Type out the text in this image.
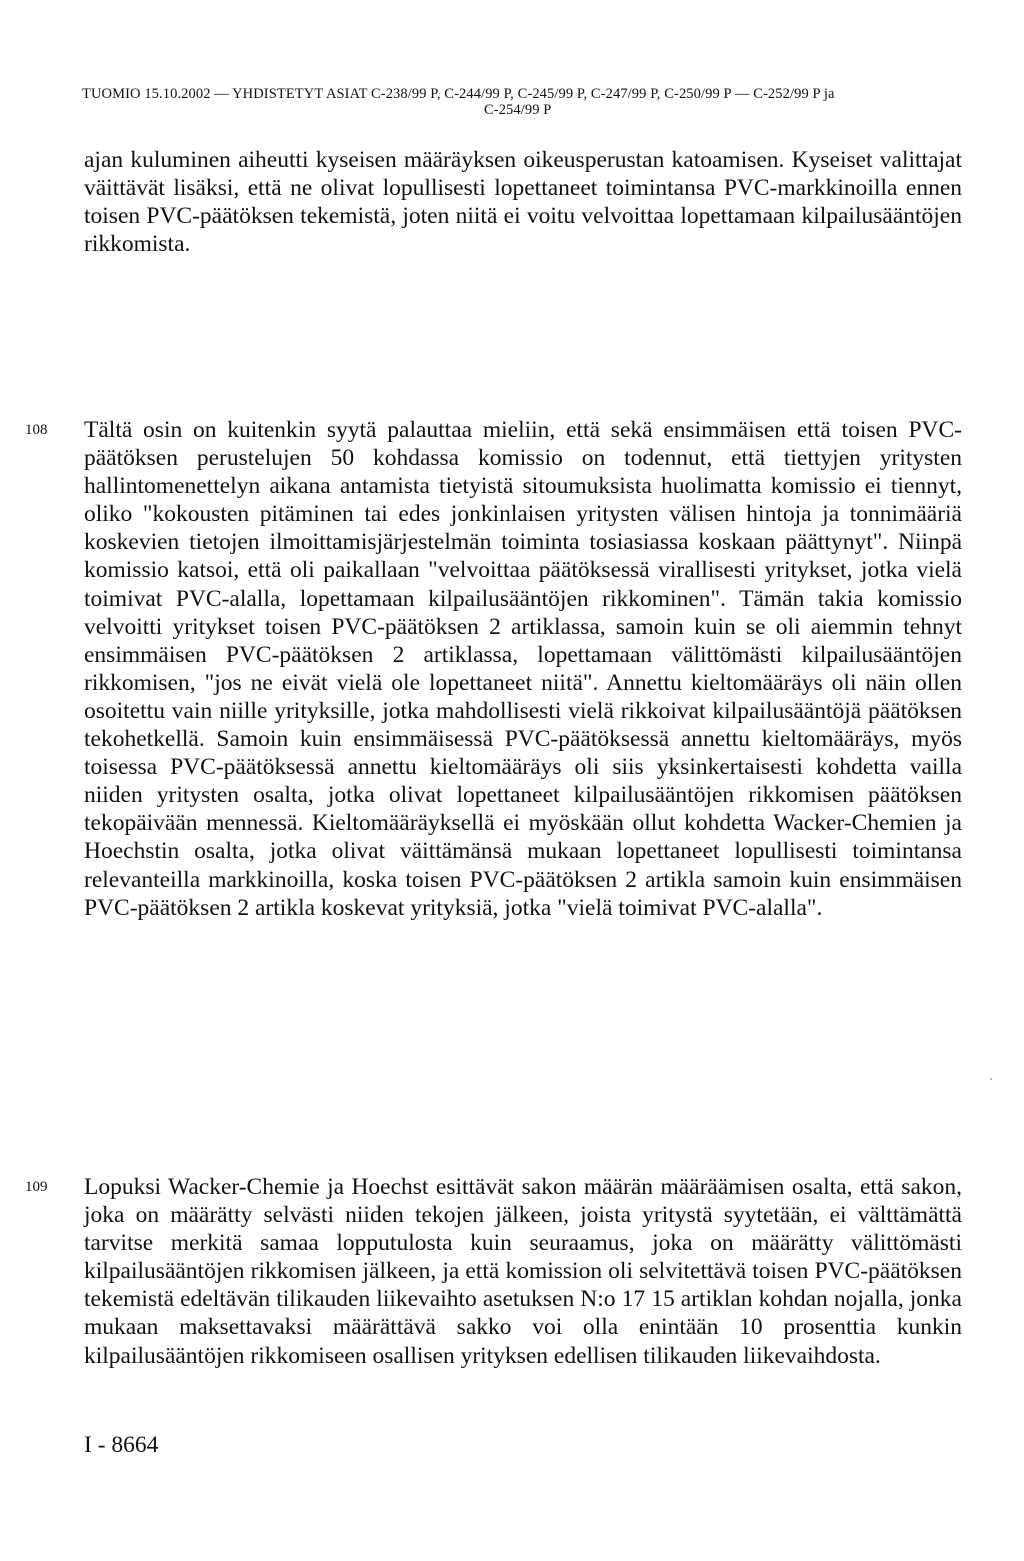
TUOMIO 15.10.2002 — YHDISTETYT ASIAT C-238/99 P, C-244/99 P, C-245/99 P, C-247/99 P, C-250/99 P — C-252/99 P ja
C-254/99 P
ajan kuluminen aiheutti kyseisen määräyksen oikeusperustan katoamisen. Kyseiset valittajat väittävät lisäksi, että ne olivat lopullisesti lopettaneet toimintansa PVC-markkinoilla ennen toisen PVC-päätöksen tekemistä, joten niitä ei voitu velvoittaa lopettamaan kilpailusääntöjen rikkomista.
108 Tältä osin on kuitenkin syytä palauttaa mieliin, että sekä ensimmäisen että toisen PVC-päätöksen perustelujen 50 kohdassa komissio on todennut, että tiettyjen yritysten hallintomenettelyn aikana antamista tietyistä sitoumuksista huolimatta komissio ei tiennyt, oliko "kokousten pitäminen tai edes jonkinlaisen yritysten välisen hintoja ja tonnimääriä koskevien tietojen ilmoittamisjärjestelmän toiminta tosiasiassa koskaan päättynyt". Niinpä komissio katsoi, että oli paikallaan "velvoittaa päätöksessä virallisesti yritykset, jotka vielä toimivat PVC-alalla, lopettamaan kilpailusääntöjen rikkominen". Tämän takia komissio velvoitti yritykset toisen PVC-päätöksen 2 artiklassa, samoin kuin se oli aiemmin tehnyt ensimmäisen PVC-päätöksen 2 artiklassa, lopettamaan välittömästi kilpailusääntöjen rikkomisen, "jos ne eivät vielä ole lopettaneet niitä". Annettu kieltomääräys oli näin ollen osoitettu vain niille yrityksille, jotka mahdollisesti vielä rikkoivat kilpailusääntöjä päätöksen tekohetkellä. Samoin kuin ensimmäisessä PVC-päätöksessä annettu kieltomääräys, myös toisessa PVC-päätöksessä annettu kieltomääräys oli siis yksinkertaisesti kohdetta vailla niiden yritysten osalta, jotka olivat lopettaneet kilpailusääntöjen rikkomisen päätöksen tekopäivään mennessä. Kieltomääräyksellä ei myöskään ollut kohdetta Wacker-Chemien ja Hoechstin osalta, jotka olivat väittämänsä mukaan lopettaneet lopullisesti toimintansa relevanteilla markkinoilla, koska toisen PVC-päätöksen 2 artikla samoin kuin ensimmäisen PVC-päätöksen 2 artikla koskevat yrityksiä, jotka "vielä toimivat PVC-alalla".
109 Lopuksi Wacker-Chemie ja Hoechst esittävät sakon määrän määräämisen osalta, että sakon, joka on määrätty selvästi niiden tekojen jälkeen, joista yritystä syytetään, ei välttämättä tarvitse merkitä samaa lopputulosta kuin seuraamus, joka on määrätty välittömästi kilpailusääntöjen rikkomisen jälkeen, ja että komission oli selvitettävä toisen PVC-päätöksen tekemistä edeltävän tilikauden liikevaihto asetuksen N:o 17 15 artiklan kohdan nojalla, jonka mukaan maksettavaksi määrättävä sakko voi olla enintään 10 prosenttia kunkin kilpailusääntöjen rikkomiseen osallisen yrityksen edellisen tilikauden liikevaihdosta.
I - 8664
